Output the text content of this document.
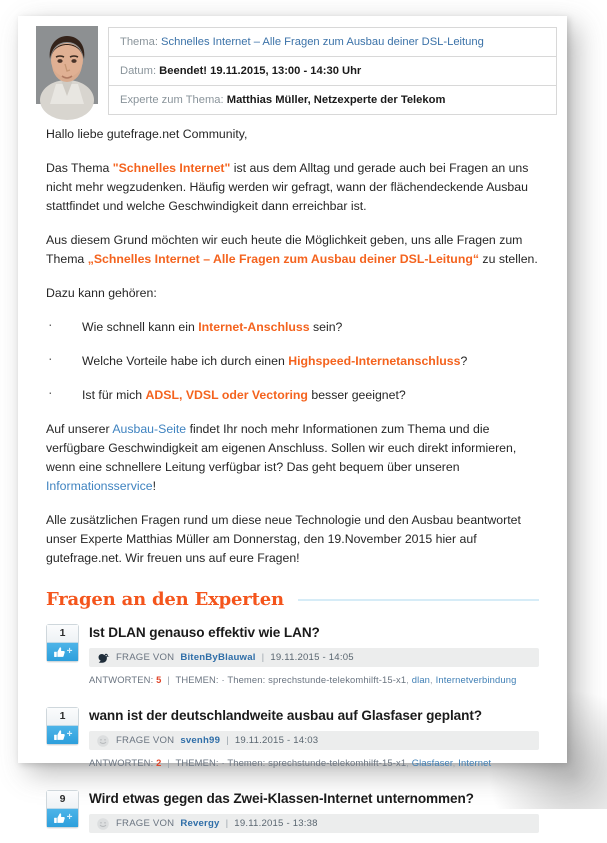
Thema: Schnelles Internet – Alle Fragen zum Ausbau deiner DSL-Leitung
Datum: Beendet! 19.11.2015, 13:00 - 14:30 Uhr
Experte zum Thema: Matthias Müller, Netzexperte der Telekom

Hallo liebe gutefrage.net Community,

Das Thema "Schnelles Internet" ist aus dem Alltag und gerade auch bei Fragen an uns nicht mehr wegzudenken. Häufig werden wir gefragt, wann der flächendeckende Ausbau stattfindet und welche Geschwindigkeit dann erreichbar ist.

Aus diesem Grund möchten wir euch heute die Möglichkeit geben, uns alle Fragen zum Thema „Schnelles Internet – Alle Fragen zum Ausbau deiner DSL-Leitung“ zu stellen.

Dazu kann gehören:

· Wie schnell kann ein Internet-Anschluss sein?
· Welche Vorteile habe ich durch einen Highspeed-Internetanschluss?
· Ist für mich ADSL, VDSL oder Vectoring besser geeignet?

Auf unserer Ausbau-Seite findet Ihr noch mehr Informationen zum Thema und die verfügbare Geschwindigkeit am eigenen Anschluss. Sollen wir euch direkt informieren, wenn eine schnellere Leitung verfügbar ist? Das geht bequem über unseren Informationsservice!

Alle zusätzlichen Fragen rund um diese neue Technologie und den Ausbau beantwortet unser Experte Matthias Müller am Donnerstag, den 19.November 2015 hier auf gutefrage.net. Wir freuen uns auf eure Fragen!

Fragen an den Experten
1
+
Ist DLAN genauso effektiv wie LAN?
FRAGE VON BitenByBlauwal | 19.11.2015 - 14:05
ANTWORTEN: 5 | THEMEN: · Themen: sprechstunde-telekomhilft-15-x1, dlan, Internetverbindung
1
+
wann ist der deutschlandweite ausbau auf Glasfaser geplant?
FRAGE VON svenh99 | 19.11.2015 - 14:03
ANTWORTEN: 2 | THEMEN: · Themen: sprechstunde-telekomhilft-15-x1, Glasfaser, Internet
9
+
Wird etwas gegen das Zwei-Klassen-Internet unternommen?
FRAGE VON Revergy | 19.11.2015 - 13:38
